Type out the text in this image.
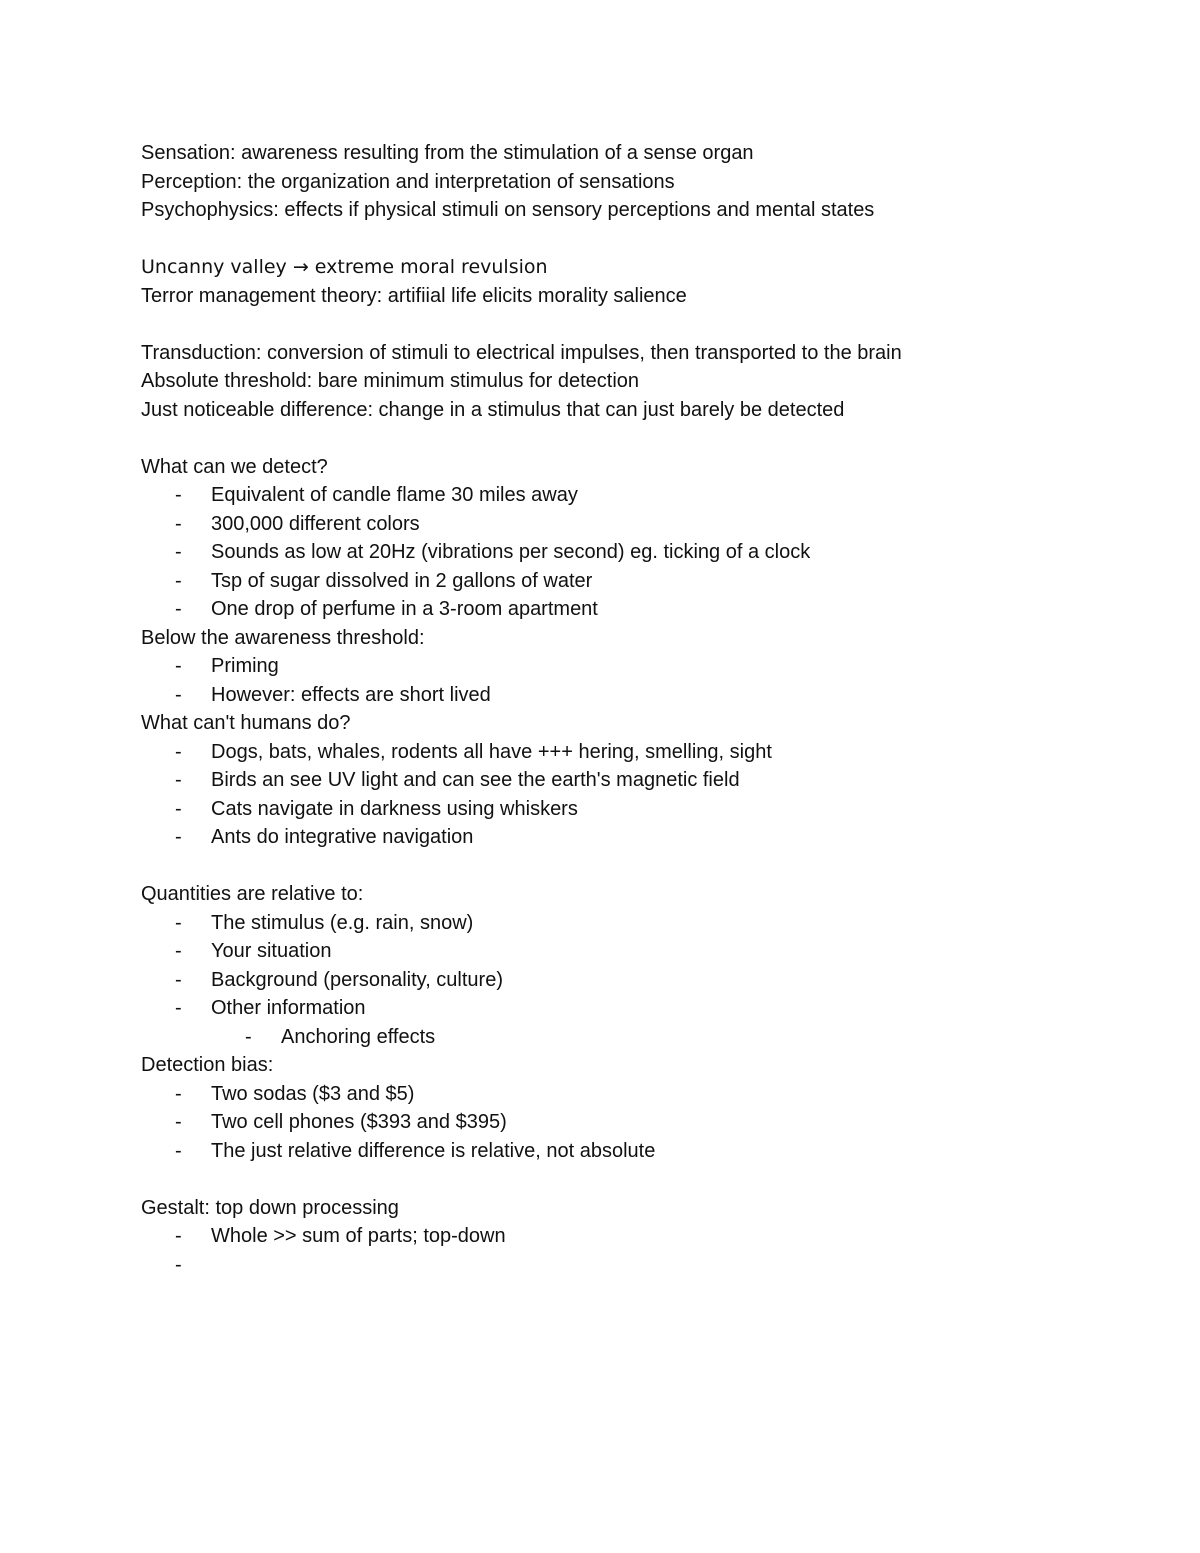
Sensation: awareness resulting from the stimulation of a sense organ
Perception: the organization and interpretation of sensations
Psychophysics: effects if physical stimuli on sensory perceptions and mental states
Uncanny valley → extreme moral revulsion
Terror management theory: artifiial life elicits morality salience
Transduction: conversion of stimuli to electrical impulses, then transported to the brain
Absolute threshold: bare minimum stimulus for detection
Just noticeable difference: change in a stimulus that can just barely be detected
What can we detect?
- Equivalent of candle flame 30 miles away
- 300,000 different colors
- Sounds as low at 20Hz (vibrations per second) eg. ticking of a clock
- Tsp of sugar dissolved in 2 gallons of water
- One drop of perfume in a 3-room apartment
Below the awareness threshold:
- Priming
- However: effects are short lived
What can't humans do?
- Dogs, bats, whales, rodents all have +++ hering, smelling, sight
- Birds an see UV light and can see the earth's magnetic field
- Cats navigate in darkness using whiskers
- Ants do integrative navigation
Quantities are relative to:
- The stimulus (e.g. rain, snow)
- Your situation
- Background (personality, culture)
- Other information
- Anchoring effects
Detection bias:
- Two sodas ($3 and $5)
- Two cell phones ($393 and $395)
- The just relative difference is relative, not absolute
Gestalt: top down processing
- Whole >> sum of parts; top-down
-
